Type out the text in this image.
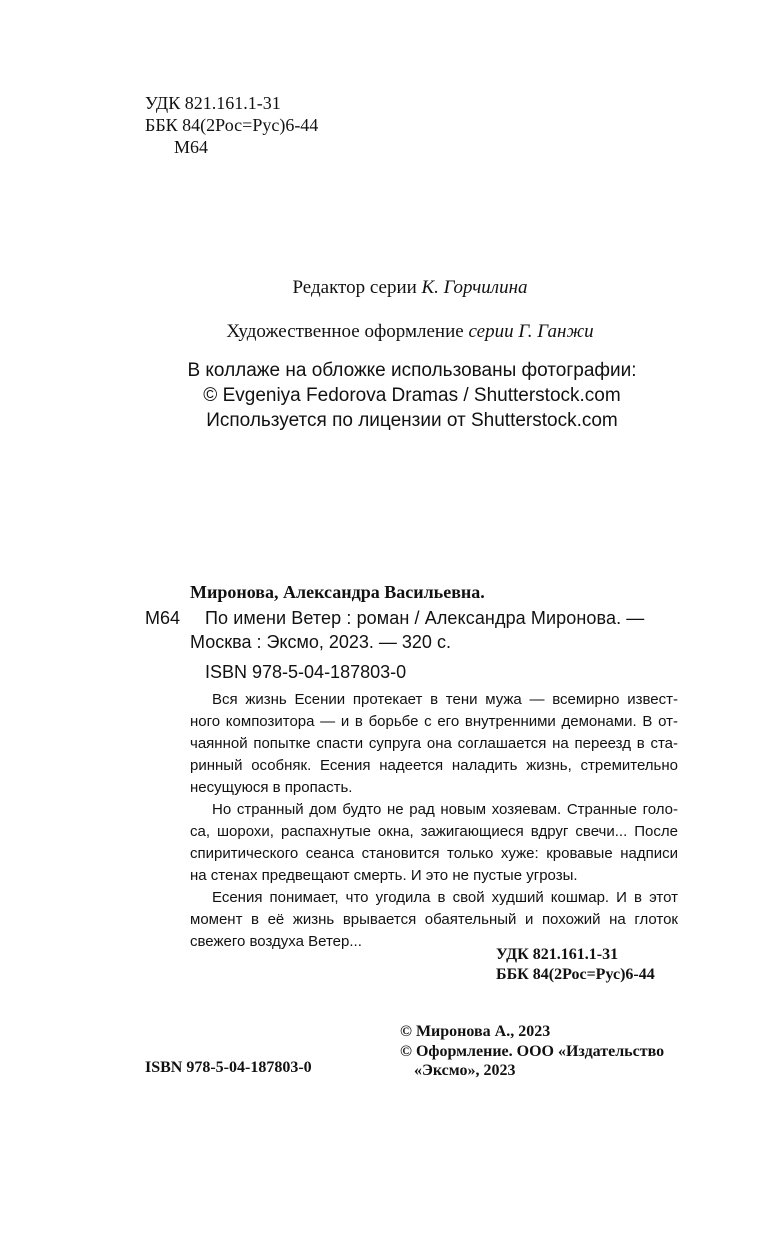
УДК 821.161.1-31
ББК 84(2Рос=Рус)6-44
М64
Редактор серии К. Горчилина
Художественное оформление серии Г. Ганжи
В коллаже на обложке использованы фотографии:
© Evgeniya Fedorova Dramas / Shutterstock.com
Используется по лицензии от Shutterstock.com
Миронова, Александра Васильевна.
М64 По имени Ветер : роман / Александра Миронова. —
Москва : Эксмо, 2023. — 320 с.
ISBN 978-5-04-187803-0

Вся жизнь Есении протекает в тени мужа — всемирно извест-
ного композитора — и в борьбе с его внутренними демонами. В от-
чаянной попытке спасти супруга она соглашается на переезд в ста-
ринный особняк. Есения надеется наладить жизнь, стремительно
несущуюся в пропасть.

Но странный дом будто не рад новым хозяевам. Странные голо-
са, шорохи, распахнутые окна, зажигающиеся вдруг свечи... После
спиритического сеанса становится только хуже: кровавые надписи
на стенах предвещают смерть. И это не пустые угрозы.

Есения понимает, что угодила в свой худший кошмар. И в этот
момент в её жизнь врывается обаятельный и похожий на глоток
свежего воздуха Ветер...

УДК 821.161.1-31
ББК 84(2Рос=Рус)6-44
© Миронова А., 2023
© Оформление. ООО «Издательство
«Эксмо», 2023
ISBN 978-5-04-187803-0
